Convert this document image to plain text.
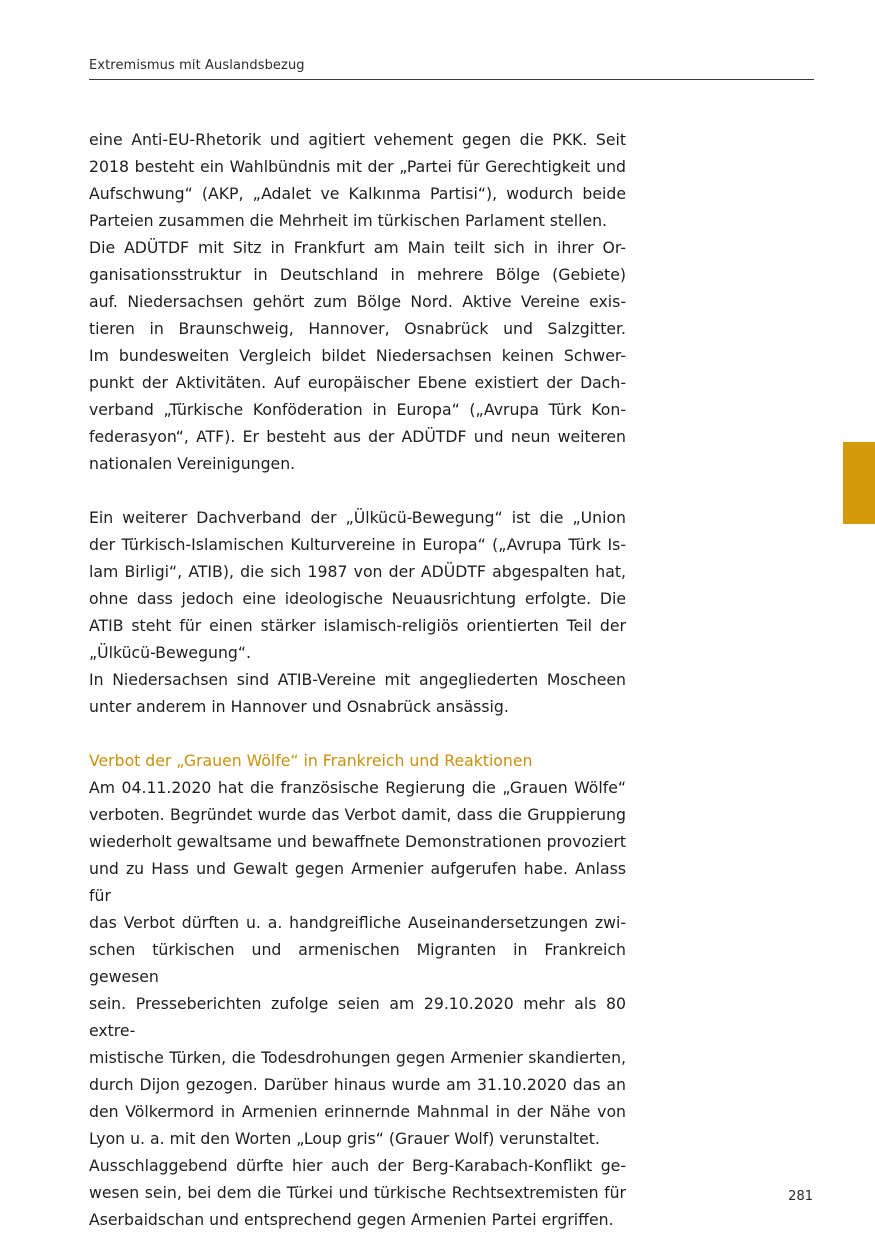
Extremismus mit Auslandsbezug

eine Anti-EU-Rhetorik und agitiert vehement gegen die PKK. Seit
2018 besteht ein Wahlbündnis mit der „Partei für Gerechtigkeit und
Aufschwung“ (AKP, „Adalet ve Kalkınma Partisi“), wodurch beide
Parteien zusammen die Mehrheit im türkischen Parlament stellen.

Die ADÜTDF mit Sitz in Frankfurt am Main teilt sich in ihrer Or-
ganisationsstruktur in Deutschland in mehrere Bölge (Gebiete)
auf. Niedersachsen gehört zum Bölge Nord. Aktive Vereine exis-
tieren in Braunschweig, Hannover, Osnabrück und Salzgitter.
Im bundesweiten Vergleich bildet Niedersachsen keinen Schwer-
punkt der Aktivitäten. Auf europäischer Ebene existiert der Dach-
verband „Türkische Konföderation in Europa“ („Avrupa Türk Kon-
federasyon“, ATF). Er besteht aus der ADÜTDF und neun weiteren
nationalen Vereinigungen.

Ein weiterer Dachverband der „Ülkücü-Bewegung“ ist die „Union
der Türkisch-Islamischen Kulturvereine in Europa“ („Avrupa Türk Is-
lam Birligi“, ATIB), die sich 1987 von der ADÜDTF abgespalten hat,
ohne dass jedoch eine ideologische Neuausrichtung erfolgte. Die
ATIB steht für einen stärker islamisch-religiös orientierten Teil der
„Ülkücü-Bewegung“.

In Niedersachsen sind ATIB-Vereine mit angegliederten Moscheen
unter anderem in Hannover und Osnabrück ansässig.

Verbot der „Grauen Wölfe“ in Frankreich und Reaktionen

Am 04.11.2020 hat die französische Regierung die „Grauen Wölfe“
verboten. Begründet wurde das Verbot damit, dass die Gruppierung
wiederholt gewaltsame und bewaffnete Demonstrationen provoziert
und zu Hass und Gewalt gegen Armenier aufgerufen habe. Anlass für
das Verbot dürften u. a. handgreifliche Auseinandersetzungen zwi-
schen türkischen und armenischen Migranten in Frankreich gewesen
sein. Presseberichten zufolge seien am 29.10.2020 mehr als 80 extre-
mistische Türken, die Todesdrohungen gegen Armenier skandierten,
durch Dijon gezogen. Darüber hinaus wurde am 31.10.2020 das an
den Völkermord in Armenien erinnernde Mahnmal in der Nähe von
Lyon u. a. mit den Worten „Loup gris“ (Grauer Wolf) verunstaltet.

Ausschlaggebend dürfte hier auch der Berg-Karabach-Konflikt ge-
wesen sein, bei dem die Türkei und türkische Rechtsextremisten für
Aserbaidschan und entsprechend gegen Armenien Partei ergriffen.

281
